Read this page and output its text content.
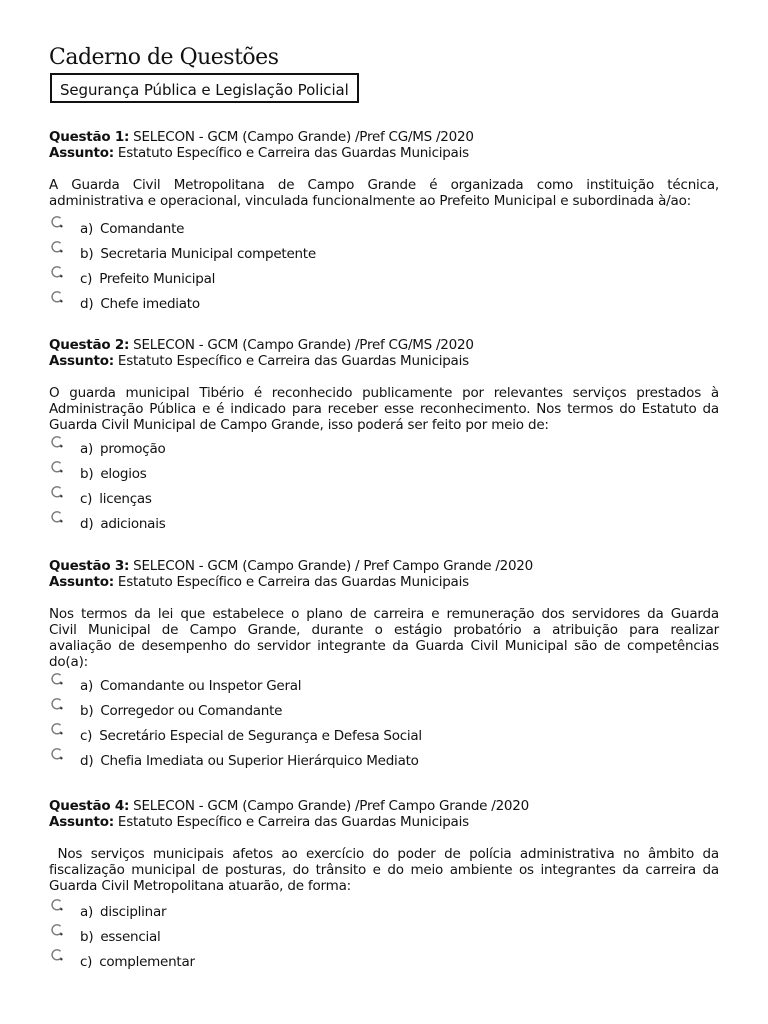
Caderno de Questões
Segurança Pública e Legislação Policial
Questão 1: SELECON - GCM (Campo Grande) /Pref CG/MS /2020
Assunto: Estatuto Específico e Carreira das Guardas Municipais
A Guarda Civil Metropolitana de Campo Grande é organizada como instituição técnica,
administrativa e operacional, vinculada funcionalmente ao Prefeito Municipal e subordinada à/ao:
a) Comandante
b) Secretaria Municipal competente
c) Prefeito Municipal
d) Chefe imediato
Questão 2: SELECON - GCM (Campo Grande) /Pref CG/MS /2020
Assunto: Estatuto Específico e Carreira das Guardas Municipais
O guarda municipal Tibério é reconhecido publicamente por relevantes serviços prestados à
Administração Pública e é indicado para receber esse reconhecimento. Nos termos do Estatuto da
Guarda Civil Municipal de Campo Grande, isso poderá ser feito por meio de:
a) promoção
b) elogios
c) licenças
d) adicionais
Questão 3: SELECON - GCM (Campo Grande) / Pref Campo Grande /2020
Assunto: Estatuto Específico e Carreira das Guardas Municipais
Nos termos da lei que estabelece o plano de carreira e remuneração dos servidores da Guarda
Civil Municipal de Campo Grande, durante o estágio probatório a atribuição para realizar
avaliação de desempenho do servidor integrante da Guarda Civil Municipal são de competências
do(a):
a) Comandante ou Inspetor Geral
b) Corregedor ou Comandante
c) Secretário Especial de Segurança e Defesa Social
d) Chefia Imediata ou Superior Hierárquico Mediato
Questão 4: SELECON - GCM (Campo Grande) /Pref Campo Grande /2020
Assunto: Estatuto Específico e Carreira das Guardas Municipais
Nos serviços municipais afetos ao exercício do poder de polícia administrativa no âmbito da
fiscalização municipal de posturas, do trânsito e do meio ambiente os integrantes da carreira da
Guarda Civil Metropolitana atuarão, de forma:
a) disciplinar
b) essencial
c) complementar
